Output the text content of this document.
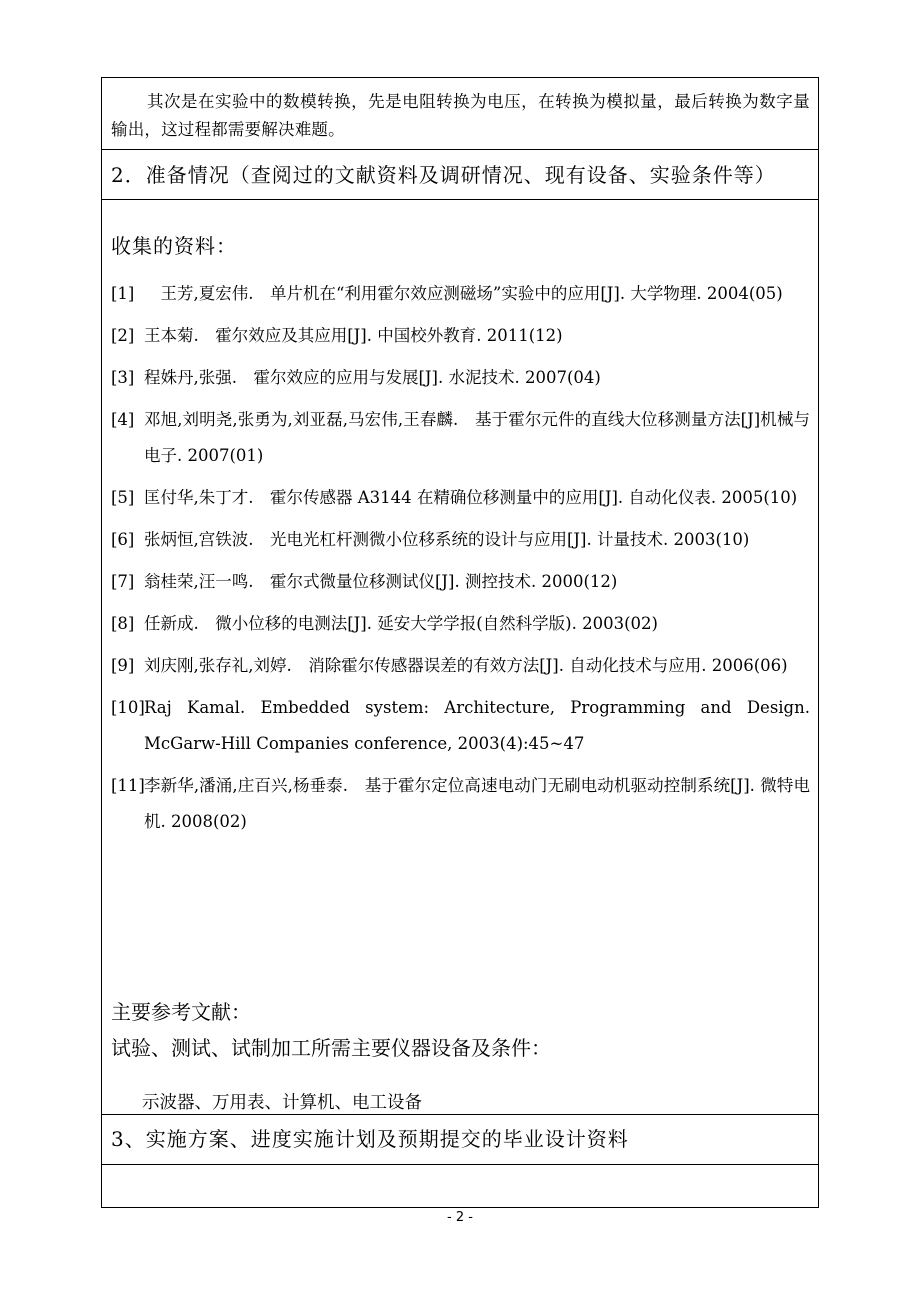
其次是在实验中的数模转换，先是电阻转换为电压，在转换为模拟量，最后转换为数字量输出，这过程都需要解决难题。
2．准备情况（查阅过的文献资料及调研情况、现有设备、实验条件等）
收集的资料：
[1] 　王芳,夏宏伟.　单片机在“利用霍尔效应测磁场”实验中的应用[J]. 大学物理. 2004(05)
[2] 王本菊.　霍尔效应及其应用[J]. 中国校外教育. 2011(12)
[3] 程姝丹,张强.　霍尔效应的应用与发展[J]. 水泥技术. 2007(04)
[4] 邓旭,刘明尧,张勇为,刘亚磊,马宏伟,王春麟.　基于霍尔元件的直线大位移测量方法[J]机械与电子. 2007(01)
[5] 匡付华,朱丁才.　霍尔传感器 A3144 在精确位移测量中的应用[J]. 自动化仪表. 2005(10)
[6] 张炳恒,宫铁波.　光电光杠杆测微小位移系统的设计与应用[J]. 计量技术. 2003(10)
[7] 翁桂荣,汪一鸣.　霍尔式微量位移测试仪[J]. 测控技术. 2000(12)
[8] 任新成.　微小位移的电测法[J]. 延安大学学报(自然科学版). 2003(02)
[9] 刘庆刚,张存礼,刘婷.　消除霍尔传感器误差的有效方法[J]. 自动化技术与应用. 2006(06)
[10] Raj Kamal. Embedded system: Architecture, Programming and Design. McGarw-Hill Companies conference, 2003(4):45~47
[11] 李新华,潘涌,庄百兴,杨垂泰.　基于霍尔定位高速电动门无刷电动机驱动控制系统[J]. 微特电机. 2008(02)
主要参考文献：
试验、测试、试制加工所需主要仪器设备及条件：
示波器、万用表、计算机、电工设备
3、实施方案、进度实施计划及预期提交的毕业设计资料
- 2 -
